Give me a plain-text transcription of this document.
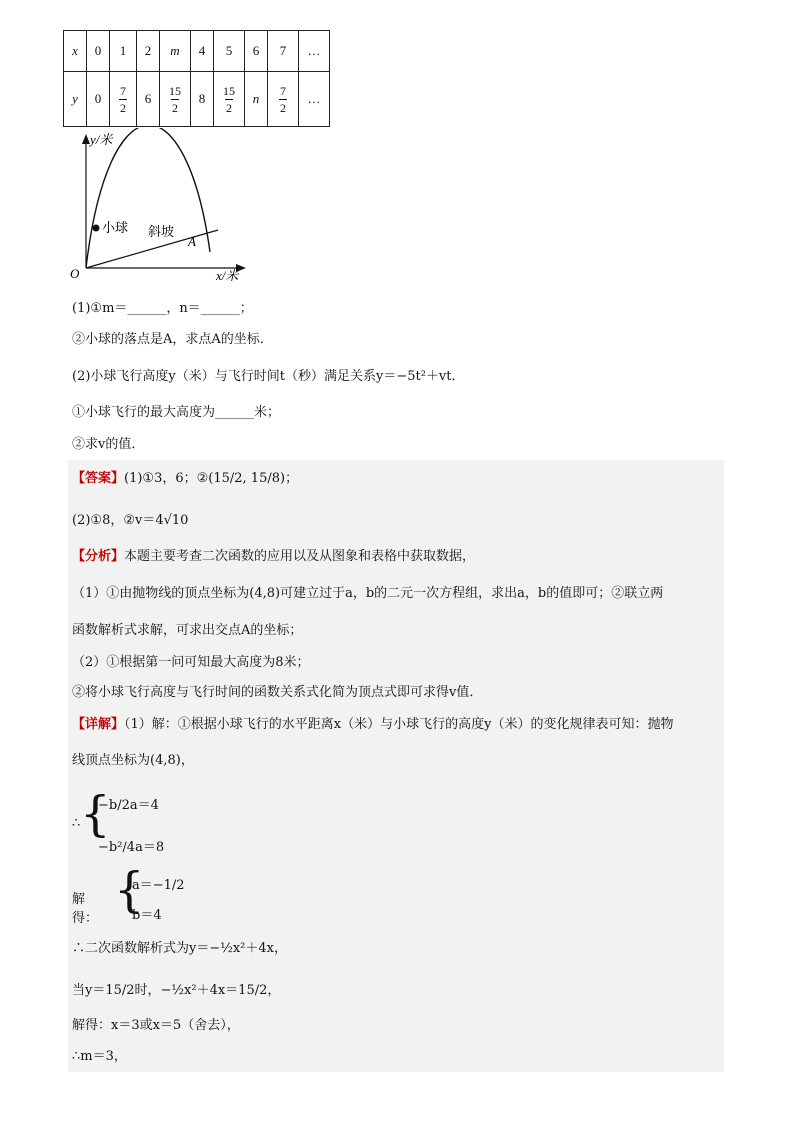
x	0	1	2	m	4	5	6	7	…
y	0	$\frac{7}{2}$	6	$\frac{15}{2}$	8	$\frac{15}{2}$	n	$\frac{7}{2}$	…
y/米
x/米
O
小球 斜坡
A
(1)①m＝______，n＝______；
②小球的落点是A，求点A的坐标．
(2)小球飞行高度y（米）与飞行时间t（秒）满足关系y＝−5t²＋vt．
①小球飞行的最大高度为______米；
②求v的值．
【答案】(1)①3，6；②(15/2, 15/8)；
(2)①8，②v＝4√10
【分析】本题主要考查二次函数的应用以及从图象和表格中获取数据，
（1）①由抛物线的顶点坐标为(4,8)可建立过于a，b的二元一次方程组，求出a，b的值即可；②联立两
函数解析式求解，可求出交点A的坐标；
（2）①根据第一问可知最大高度为8米；
②将小球飞行高度与飞行时间的函数关系式化简为顶点式即可求得v值．
【详解】（1）解：①根据小球飞行的水平距离x（米）与小球飞行的高度y（米）的变化规律表可知：抛物
线顶点坐标为(4,8)，
∴ {
−b/2a＝4
−b²/4a＝8
解得：
{
a＝−1/2
b＝4
∴二次函数解析式为y＝−½x²＋4x，
当y＝15/2时，−½x²＋4x＝15/2，
解得：x＝3或x＝5（舍去），
∴m＝3，
